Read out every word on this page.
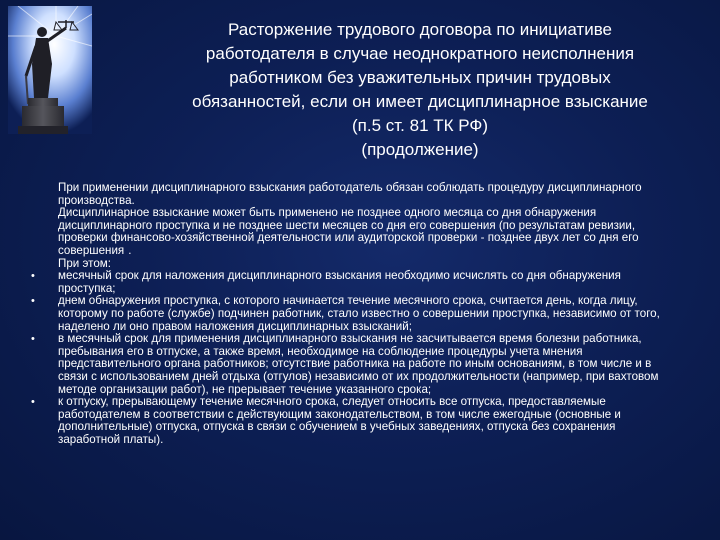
Расторжение трудового договора по инициативе
работодателя в случае неоднократного неисполнения
работником без уважительных причин трудовых
обязанностей, если он имеет дисциплинарное взыскание
(п.5 ст. 81 ТК РФ)
(продолжение)

При применении дисциплинарного взыскания работодатель обязан соблюдать процедуру дисциплинарного производства.

Дисциплинарное взыскание может быть применено не позднее одного месяца со дня обнаружения дисциплинарного проступка и не позднее шести месяцев со дня его совершения (по результатам ревизии, проверки финансово-хозяйственной деятельности или аудиторской проверки - позднее двух лет со дня его совершения .

При этом:

• месячный срок для наложения дисциплинарного взыскания необходимо исчислять со дня обнаружения проступка;
• днем обнаружения проступка, с которого начинается течение месячного срока, считается день, когда лицу, которому по работе (службе) подчинен работник, стало известно о совершении проступка, независимо от того, наделено ли оно правом наложения дисциплинарных взысканий;
• в месячный срок для применения дисциплинарного взыскания не засчитывается время болезни работника, пребывания его в отпуске, а также время, необходимое на соблюдение процедуры учета мнения представительного органа работников; отсутствие работника на работе по иным основаниям, в том числе и в связи с использованием дней отдыха (отгулов) независимо от их продолжительности (например, при вахтовом методе организации работ), не прерывает течение указанного срока;
• к отпуску, прерывающему течение месячного срока, следует относить все отпуска, предоставляемые работодателем в соответствии с действующим законодательством, в том числе ежегодные (основные и дополнительные) отпуска, отпуска в связи с обучением в учебных заведениях, отпуска без сохранения заработной платы).
